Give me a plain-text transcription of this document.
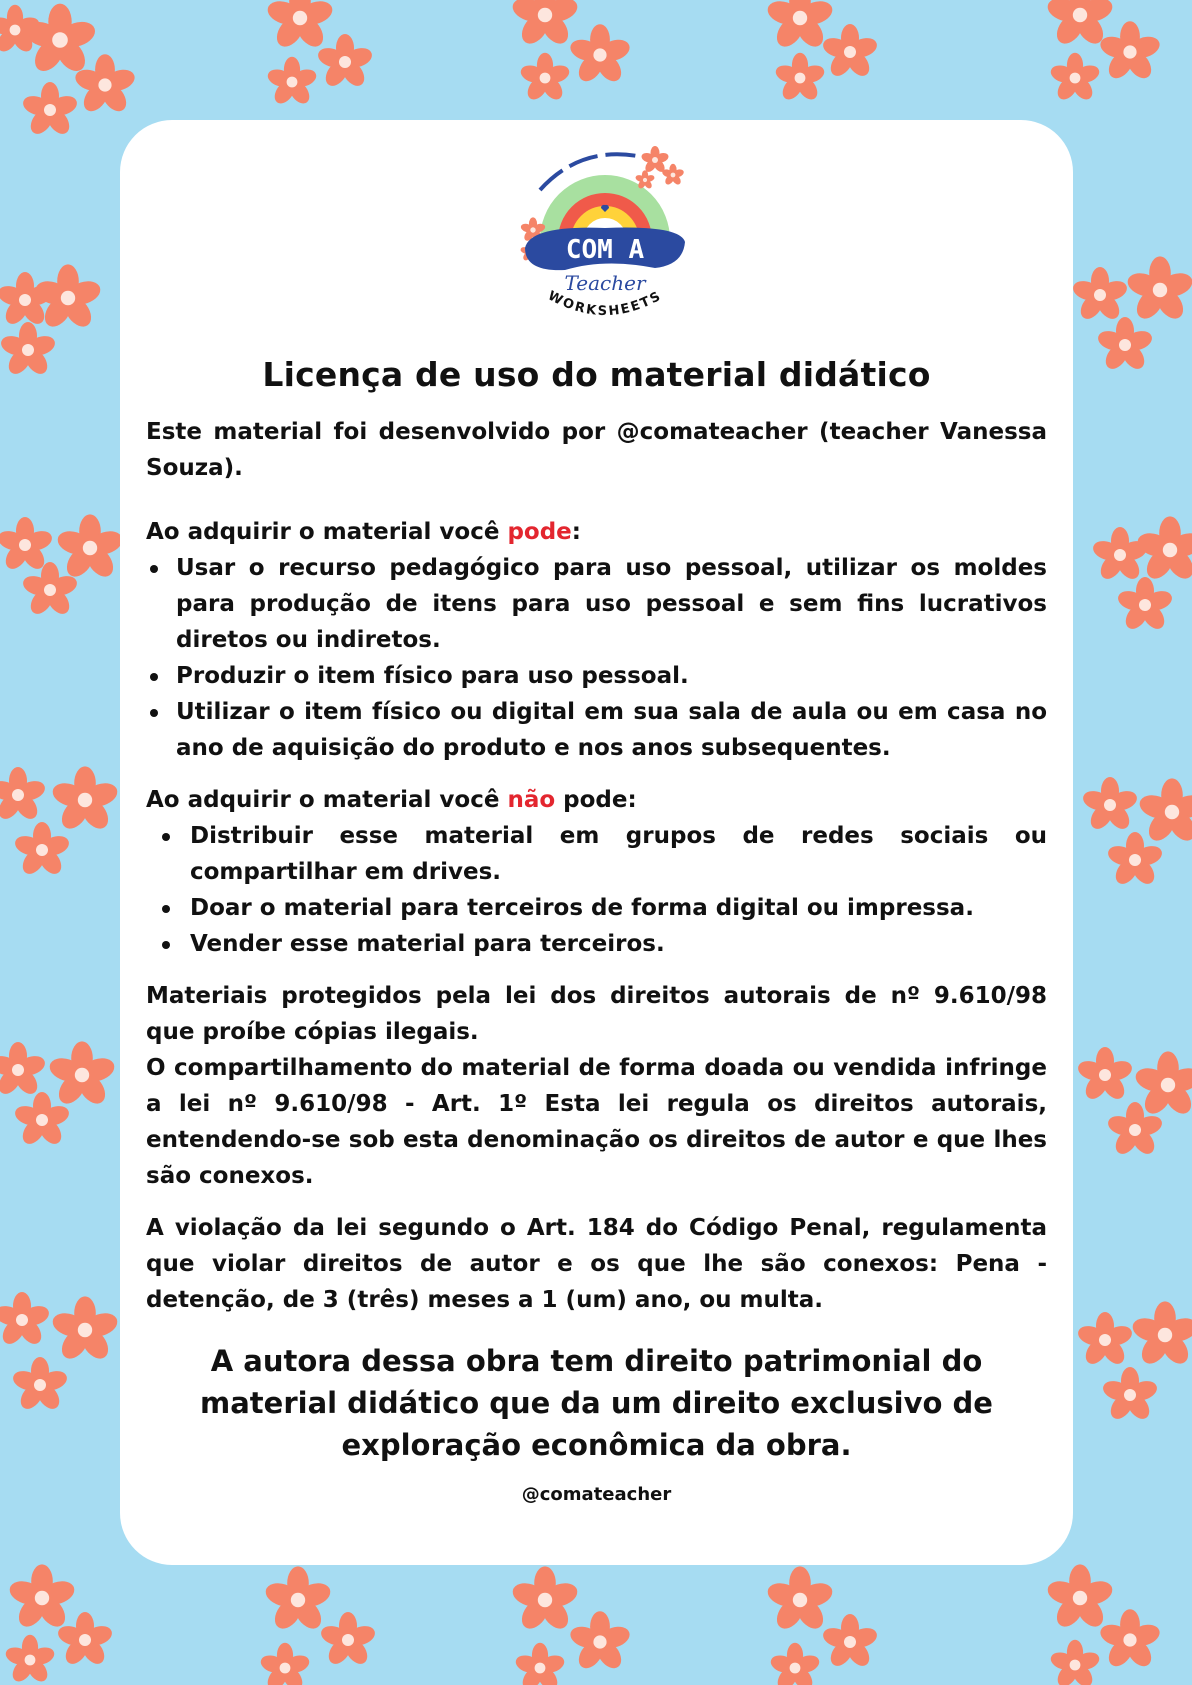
COM A
Teacher
WORKSHEETS
Licença de uso do material didático

Este material foi desenvolvido por @comateacher (teacher Vanessa Souza).

Ao adquirir o material você pode:

Usar o recurso pedagógico para uso pessoal, utilizar os moldes para produção de itens para uso pessoal e sem fins lucrativos diretos ou indiretos.
Produzir o item físico para uso pessoal.
Utilizar o item físico ou digital em sua sala de aula ou em casa no ano de aquisição do produto e nos anos subsequentes.

Ao adquirir o material você não pode:

Distribuir esse material em grupos de redes sociais ou compartilhar em drives.
Doar o material para terceiros de forma digital ou impressa.
Vender esse material para terceiros.

Materiais protegidos pela lei dos direitos autorais de nº 9.610/98 que proíbe cópias ilegais.

O compartilhamento do material de forma doada ou vendida infringe a lei nº 9.610/98 - Art. 1º Esta lei regula os direitos autorais, entendendo-se sob esta denominação os direitos de autor e que lhes são conexos.

A violação da lei segundo o Art. 184 do Código Penal, regulamenta que violar direitos de autor e os que lhe são conexos: Pena - detenção, de 3 (três) meses a 1 (um) ano, ou multa.

A autora dessa obra tem direito patrimonial do material didático que da um direito exclusivo de exploração econômica da obra.
@comateacher
